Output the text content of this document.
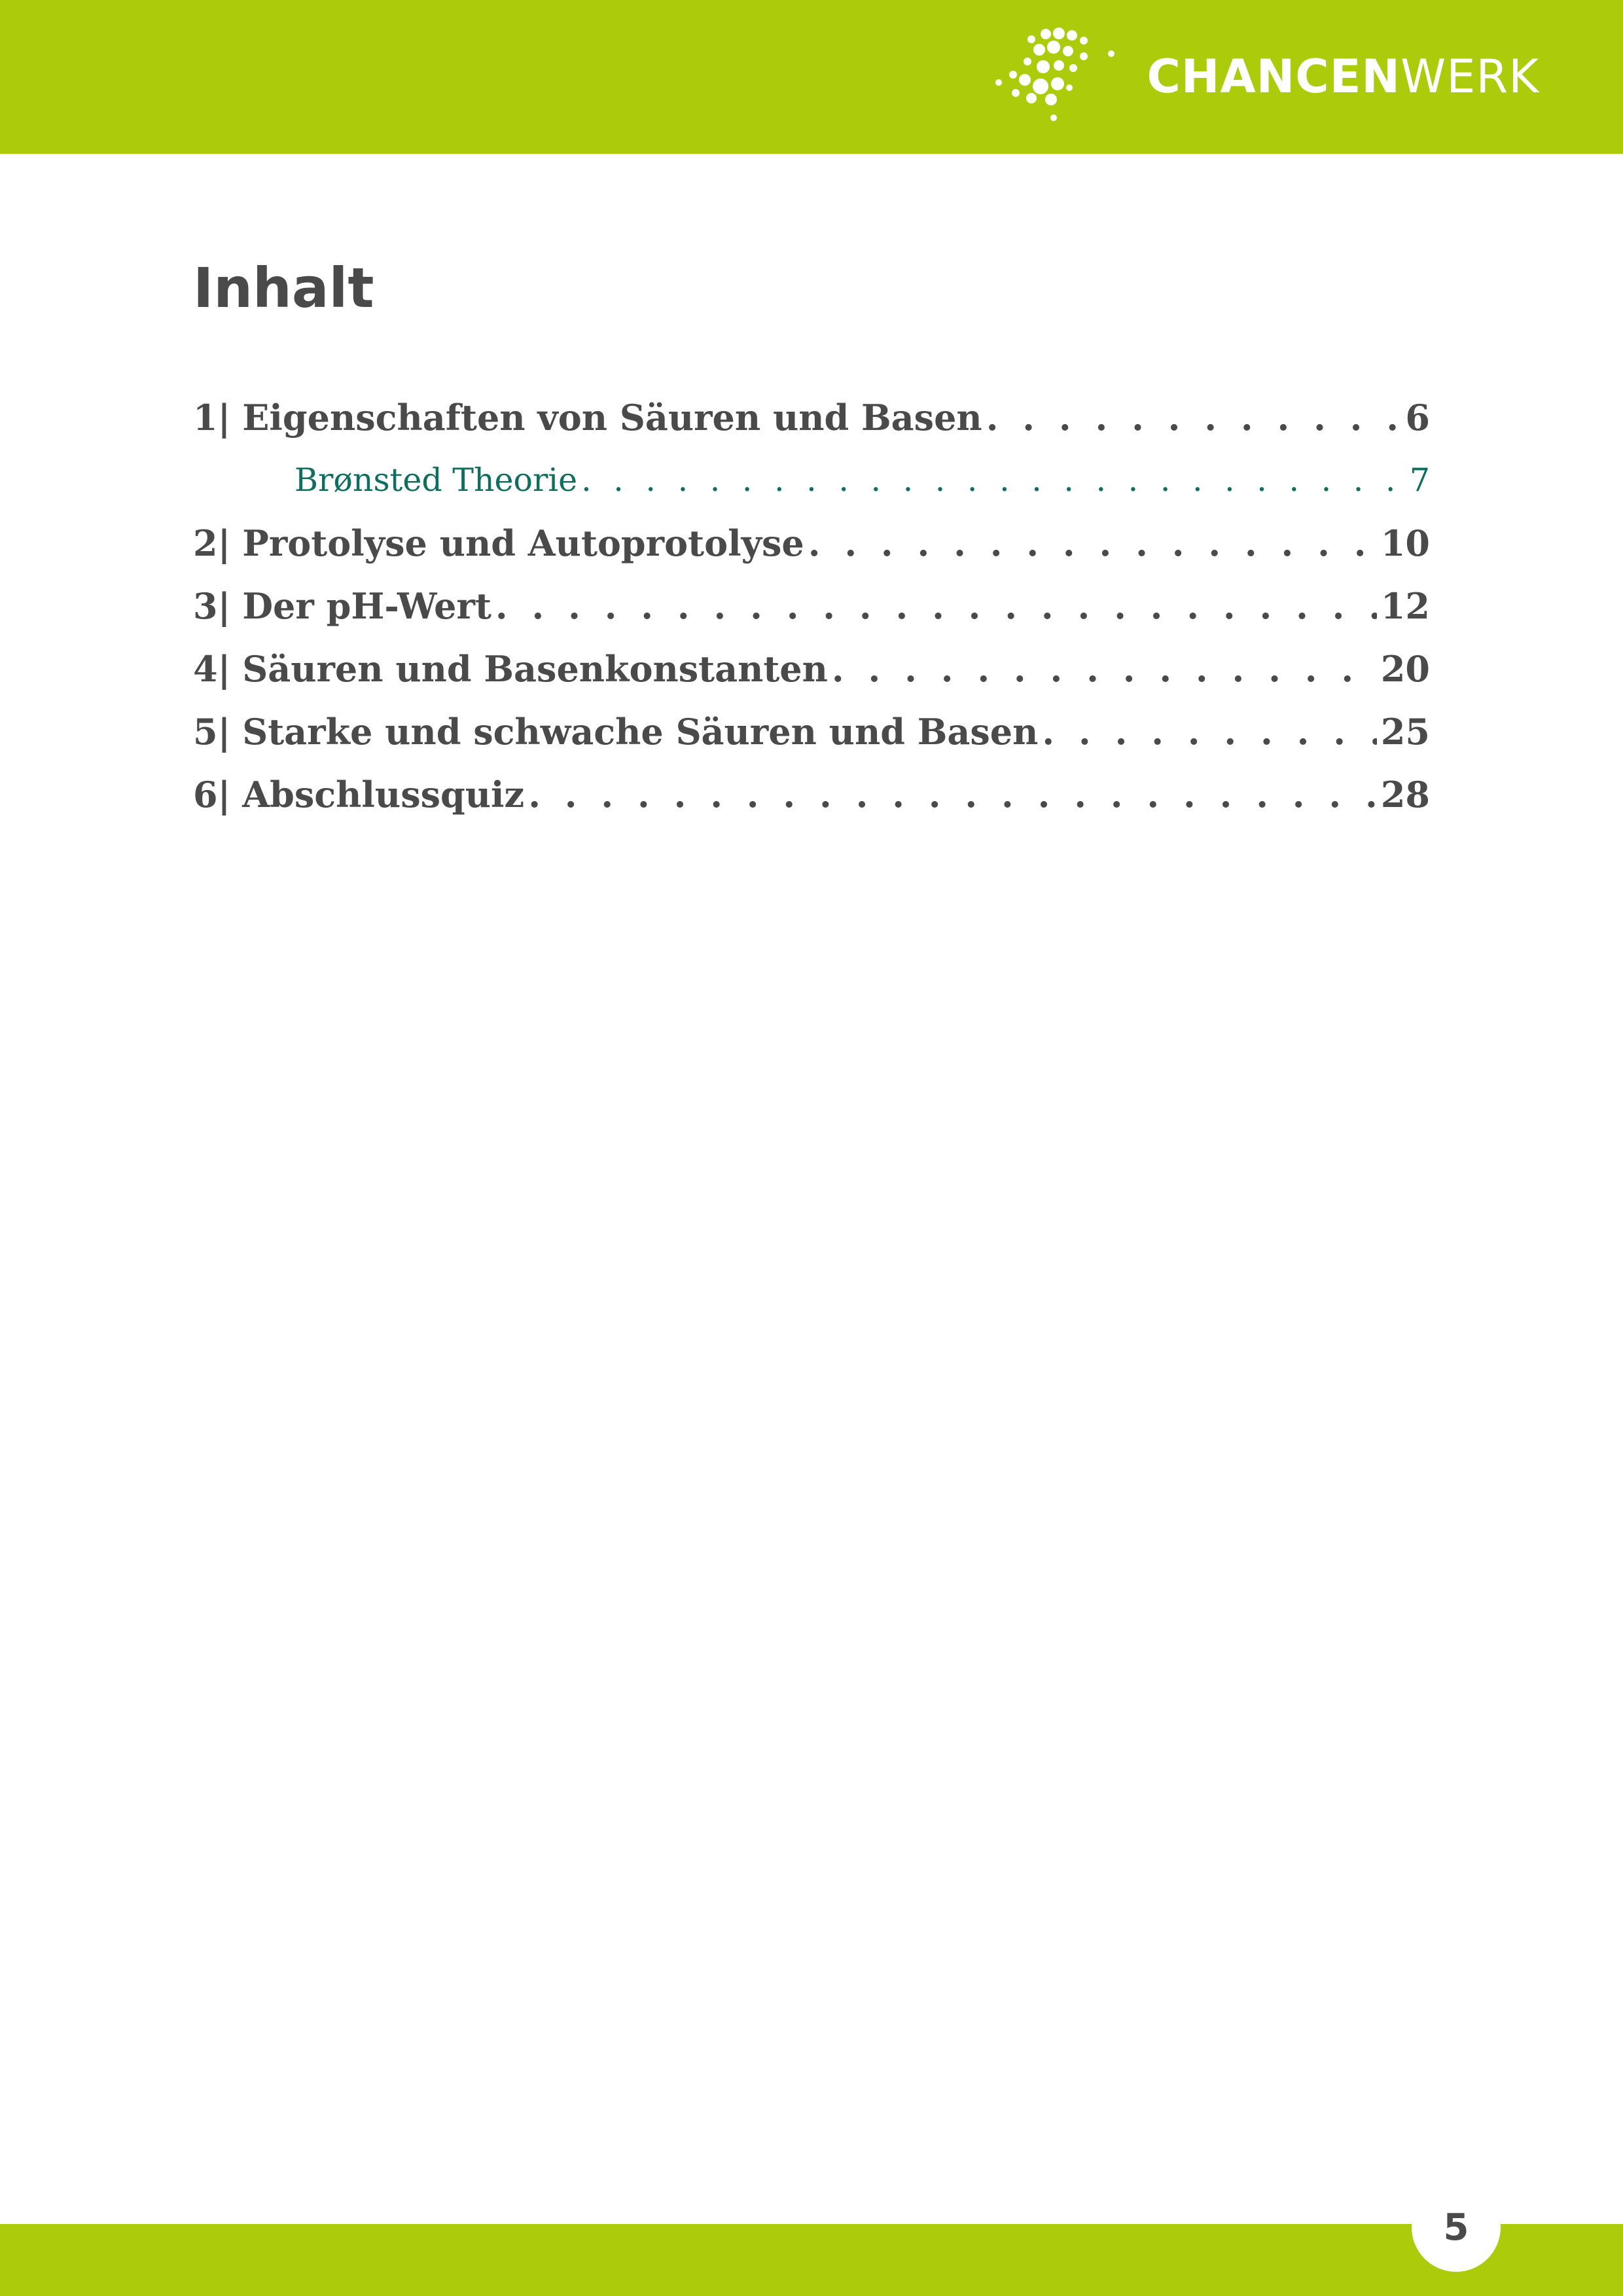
CHANCENWERK
Inhalt
1| Eigenschaften von Säuren und Basen . . .	6
Brønsted Theorie . . .	7
2| Protolyse und Autoprotolyse . . .	10
3| Der pH-Wert . . .	12
4| Säuren und Basenkonstanten . . .	20
5| Starke und schwache Säuren und Basen . . .	25
6| Abschlussquiz . . .	28
5
